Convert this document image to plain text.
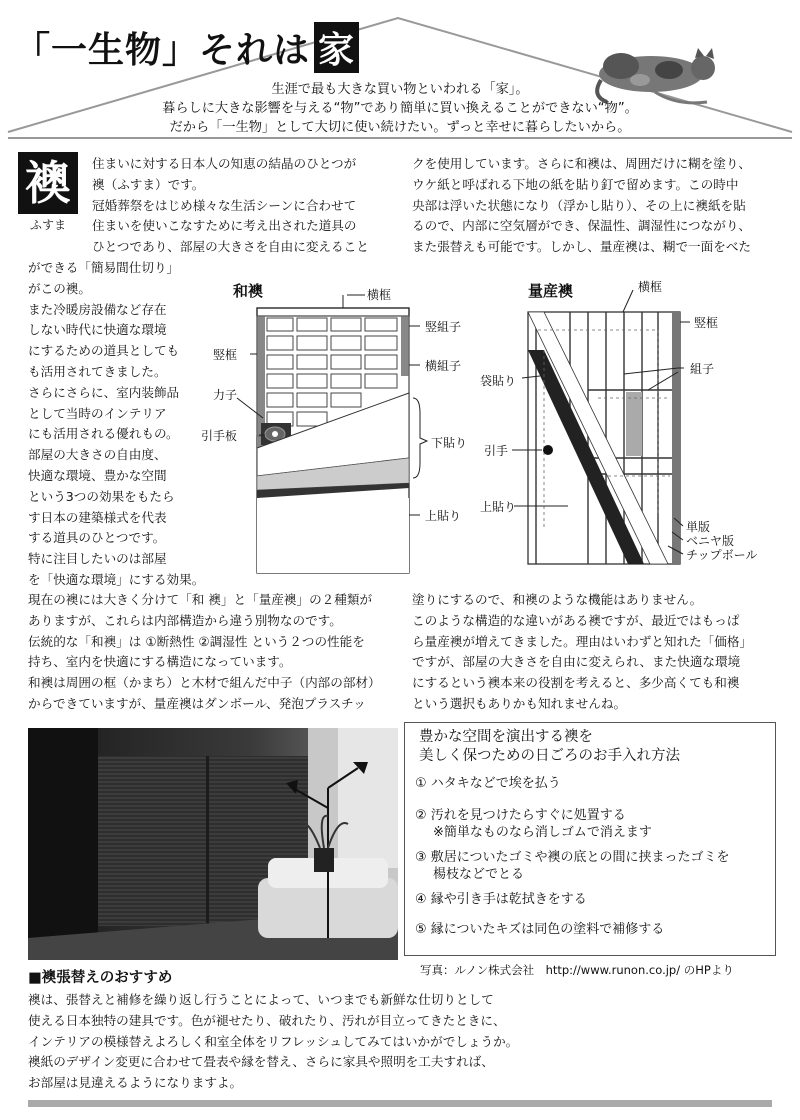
「一生物」それは 家
生涯で最も大きな買い物といわれる「家」。
暮らしに大きな影響を与える“物”であり簡単に買い換えることができない“物”。
だから「一生物」として大切に使い続けたい。ずっと幸せに暮らしたいから。
襖
ふすま
住まいに対する日本人の知恵の結晶のひとつが
襖（ふすま）です。
冠婚葬祭をはじめ様々な生活シーンに合わせて
住まいを使いこなすために考え出された道具の
ひとつであり、部屋の大きさを自由に変えること
ができる「簡易間仕切り」
がこの襖。
また冷暖房設備など存在
しない時代に快適な環境
にするための道具としても
も活用されてきました。
さらにさらに、室内装飾品
として当時のインテリア
にも活用される優れもの。
部屋の大きさの自由度、
快適な環境、豊かな空間
という3つの効果をもたら
す日本の建築様式を代表
する道具のひとつです。
特に注目したいのは部屋
を「快適な環境」にする効果。
現在の襖には大きく分けて「和 襖」と「量産襖」の２種類が
ありますが、これらは内部構造から違う別物なのです。
伝統的な「和襖」は ①断熱性 ②調湿性 という２つの性能を
持ち、室内を快適にする構造になっています。
和襖は周囲の框（かまち）と木材で組んだ中子（内部の部材）
からできていますが、量産襖はダンボール、発泡プラスチッ
クを使用しています。さらに和襖は、周囲だけに糊を塗り、
ウケ紙と呼ばれる下地の紙を貼り釘で留めます。この時中
央部は浮いた状態になり（浮かし貼り）、その上に襖紙を貼
るので、内部に空気層ができ、保温性、調湿性につながり、
また張替えも可能です。しかし、量産襖は、糊で一面をべた
塗りにするので、和襖のような機能はありません。
このような構造的な違いがある襖ですが、最近ではもっぱ
ら量産襖が増えてきました。理由はいわずと知れた「価格」
ですが、部屋の大きさを自由に変えられ、また快適な環境
にするという襖本来の役割を考えると、多少高くても和襖
という選択もありかも知れませんね。
和襖	横框
竪框
竪組子
横組子
力子
引手板	下貼り
上貼り
量産襖	横框
竪框
袋貼り
組子
引手
上貼り
単版
ベニヤ版
チップボール
豊かな空間を演出する襖を
美しく保つための日ごろのお手入れ方法
① ハタキなどで埃を払う
② 汚れを見つけたらすぐに処置する
※簡単なものなら消しゴムで消えます
③ 敷居についたゴミや襖の底との間に挟まったゴミを
楊枝などでとる
④ 縁や引き手は乾拭きをする
⑤ 縁についたキズは同色の塗料で補修する
写真：ルノン株式会社　http://www.runon.co.jp/ のHPより
■襖張替えのおすすめ
襖は、張替えと補修を繰り返し行うことによって、いつまでも新鮮な仕切りとして
使える日本独特の建具です。色が褪せたり、破れたり、汚れが目立ってきたときに、
インテリアの模様替えよろしく和室全体をリフレッシュしてみてはいかがでしょうか。
襖紙のデザイン変更に合わせて畳表や縁を替え、さらに家具や照明を工夫すれば、
お部屋は見違えるようになりますよ。
